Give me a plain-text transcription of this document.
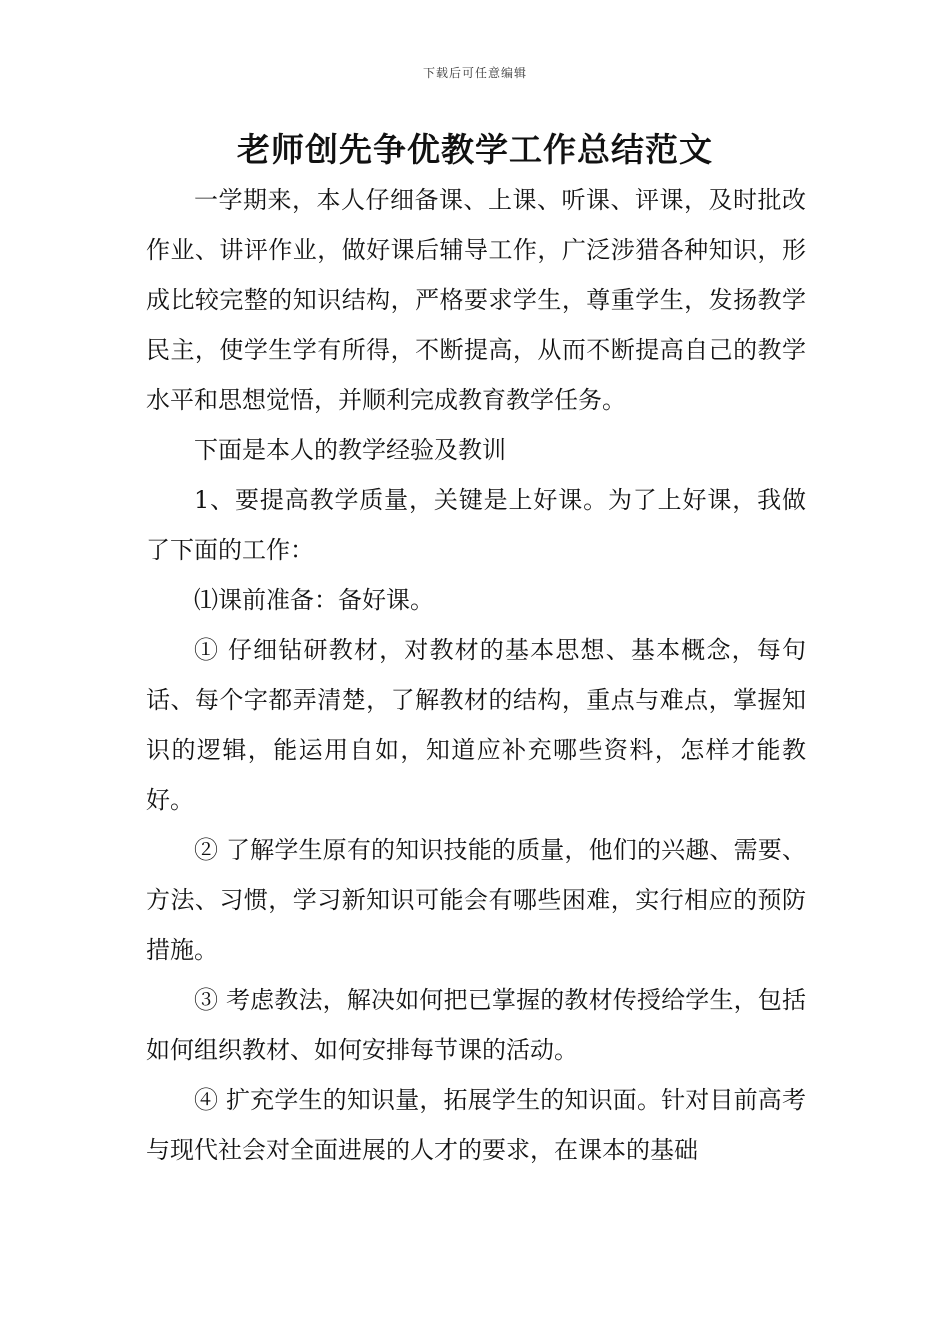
下载后可任意编辑
老师创先争优教学工作总结范文

一学期来，本人仔细备课、上课、听课、评课，及时批改作业、讲评作业，做好课后辅导工作，广泛涉猎各种知识，形成比较完整的知识结构，严格要求学生，尊重学生，发扬教学民主，使学生学有所得，不断提高，从而不断提高自己的教学水平和思想觉悟，并顺利完成教育教学任务。

下面是本人的教学经验及教训

1、要提高教学质量，关键是上好课。为了上好课，我做了下面的工作：

⑴课前准备：备好课。

① 仔细钻研教材，对教材的基本思想、基本概念，每句话、每个字都弄清楚，了解教材的结构，重点与难点，掌握知识的逻辑，能运用自如，知道应补充哪些资料，怎样才能教好。

② 了解学生原有的知识技能的质量，他们的兴趣、需要、方法、习惯，学习新知识可能会有哪些困难，实行相应的预防措施。

③ 考虑教法，解决如何把已掌握的教材传授给学生，包括如何组织教材、如何安排每节课的活动。

④ 扩充学生的知识量，拓展学生的知识面。针对目前高考与现代社会对全面进展的人才的要求，在课本的基础
